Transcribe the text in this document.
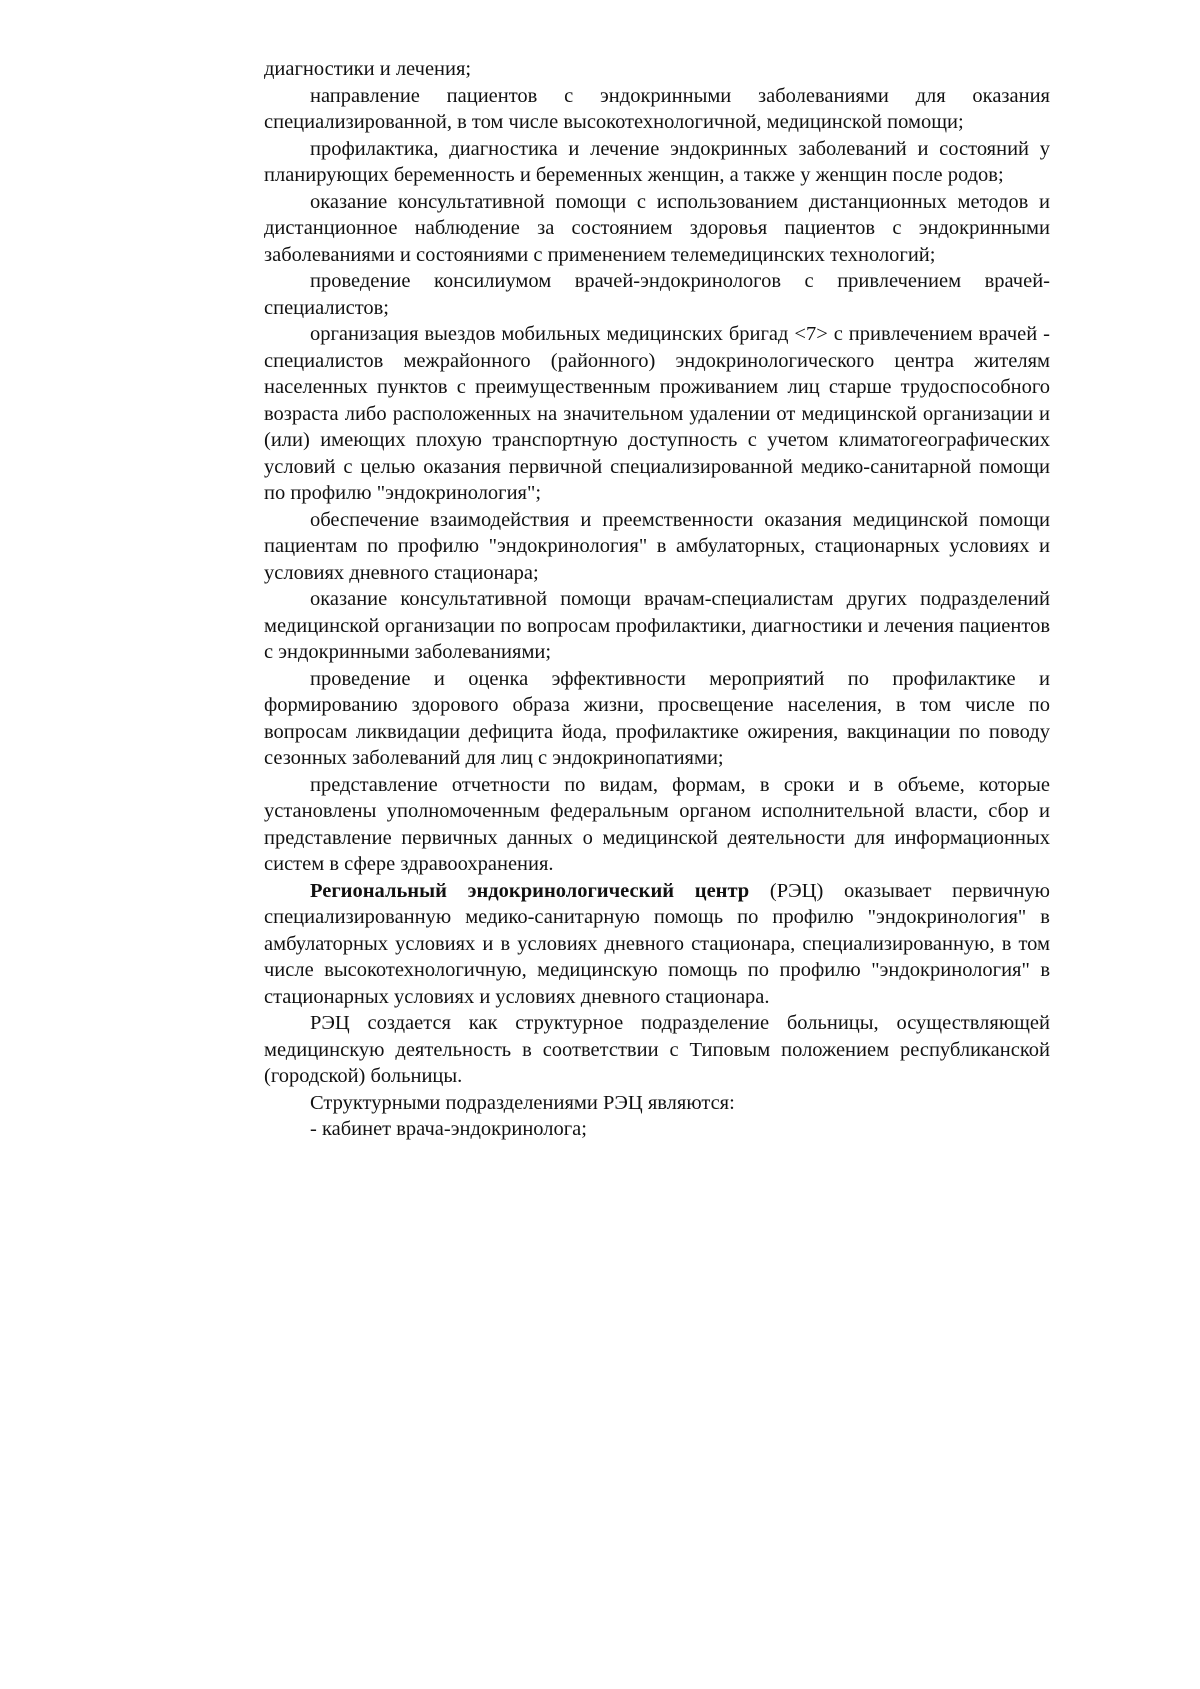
диагностики и лечения;

направление пациентов с эндокринными заболеваниями для оказания специализированной, в том числе высокотехнологичной, медицинской помощи;

профилактика, диагностика и лечение эндокринных заболеваний и состояний у планирующих беременность и беременных женщин, а также у женщин после родов;

оказание консультативной помощи с использованием дистанционных методов и дистанционное наблюдение за состоянием здоровья пациентов с эндокринными заболеваниями и состояниями с применением телемедицинских технологий;

проведение консилиумом врачей-эндокринологов с привлечением врачей-специалистов;

организация выездов мобильных медицинских бригад <7> с привлечением врачей - специалистов межрайонного (районного) эндокринологического центра жителям населенных пунктов с преимущественным проживанием лиц старше трудоспособного возраста либо расположенных на значительном удалении от медицинской организации и (или) имеющих плохую транспортную доступность с учетом климатогеографических условий с целью оказания первичной специализированной медико-санитарной помощи по профилю "эндокринология";

обеспечение взаимодействия и преемственности оказания медицинской помощи пациентам по профилю "эндокринология" в амбулаторных, стационарных условиях и условиях дневного стационара;

оказание консультативной помощи врачам-специалистам других подразделений медицинской организации по вопросам профилактики, диагностики и лечения пациентов с эндокринными заболеваниями;

проведение и оценка эффективности мероприятий по профилактике и формированию здорового образа жизни, просвещение населения, в том числе по вопросам ликвидации дефицита йода, профилактике ожирения, вакцинации по поводу сезонных заболеваний для лиц с эндокринопатиями;

представление отчетности по видам, формам, в сроки и в объеме, которые установлены уполномоченным федеральным органом исполнительной власти, сбор и представление первичных данных о медицинской деятельности для информационных систем в сфере здравоохранения.

Региональный эндокринологический центр (РЭЦ) оказывает первичную специализированную медико-санитарную помощь по профилю "эндокринология" в амбулаторных условиях и в условиях дневного стационара, специализированную, в том числе высокотехнологичную, медицинскую помощь по профилю "эндокринология" в стационарных условиях и условиях дневного стационара.

РЭЦ создается как структурное подразделение больницы, осуществляющей медицинскую деятельность в соответствии с Типовым положением республиканской (городской) больницы.

Структурными подразделениями РЭЦ являются:

- кабинет врача-эндокринолога;
